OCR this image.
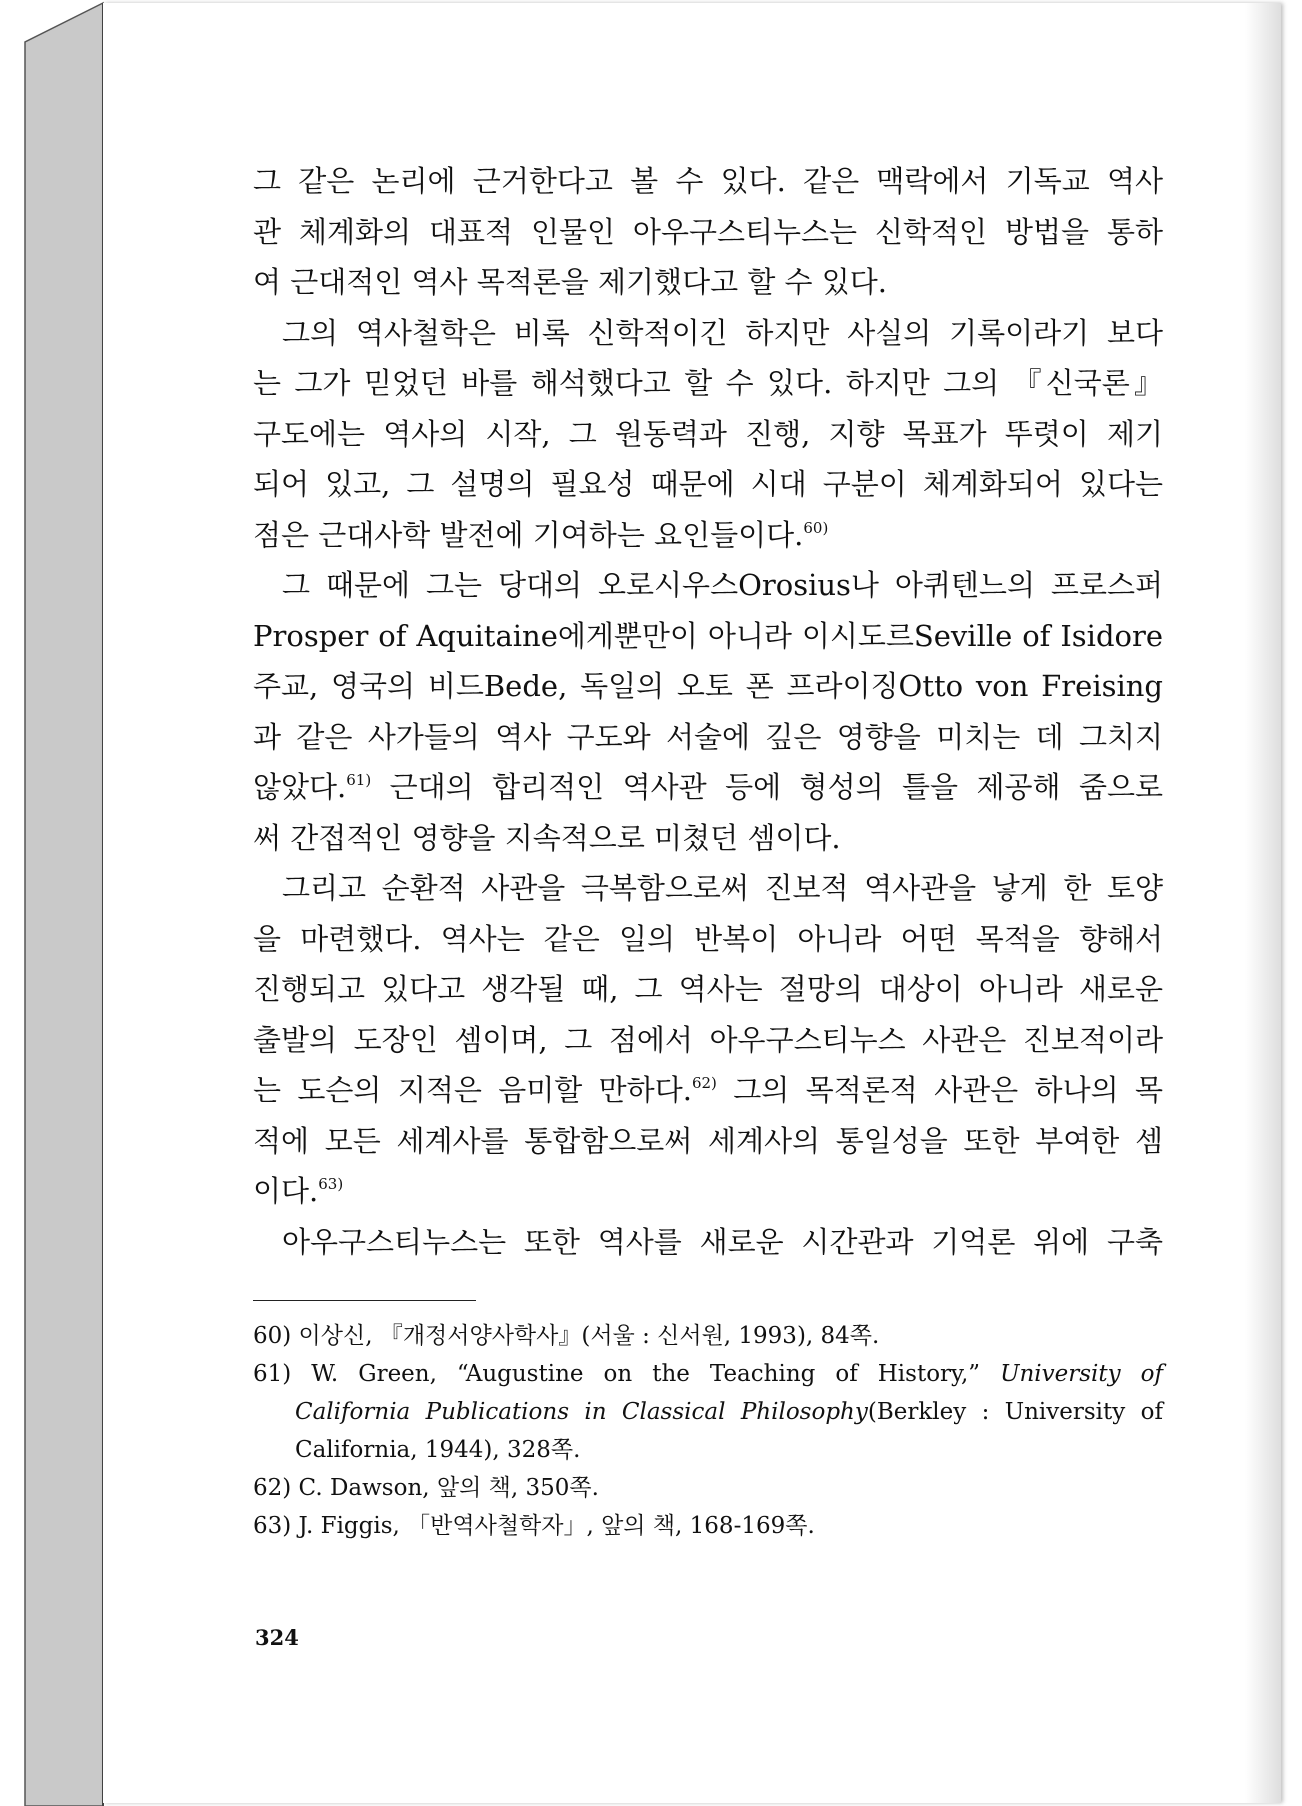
그 같은 논리에 근거한다고 볼 수 있다. 같은 맥락에서 기독교 역사
관 체계화의 대표적 인물인 아우구스티누스는 신학적인 방법을 통하
여 근대적인 역사 목적론을 제기했다고 할 수 있다.
그의 역사철학은 비록 신학적이긴 하지만 사실의 기록이라기 보다
는 그가 믿었던 바를 해석했다고 할 수 있다. 하지만 그의 『신국론』
구도에는 역사의 시작, 그 원동력과 진행, 지향 목표가 뚜렷이 제기
되어 있고, 그 설명의 필요성 때문에 시대 구분이 체계화되어 있다는
점은 근대사학 발전에 기여하는 요인들이다.$^{60)}$
그 때문에 그는 당대의 오로시우스Orosius나 아퀴텐느의 프로스퍼
Prosper of Aquitaine에게뿐만이 아니라 이시도르Seville of Isidore
주교, 영국의 비드Bede, 독일의 오토 폰 프라이징Otto von Freising
과 같은 사가들의 역사 구도와 서술에 깊은 영향을 미치는 데 그치지
않았다.$^{61)}$ 근대의 합리적인 역사관 등에 형성의 틀을 제공해 줌으로
써 간접적인 영향을 지속적으로 미쳤던 셈이다.
그리고 순환적 사관을 극복함으로써 진보적 역사관을 낳게 한 토양
을 마련했다. 역사는 같은 일의 반복이 아니라 어떤 목적을 향해서
진행되고 있다고 생각될 때, 그 역사는 절망의 대상이 아니라 새로운
출발의 도장인 셈이며, 그 점에서 아우구스티누스 사관은 진보적이라
는 도슨의 지적은 음미할 만하다.$^{62)}$ 그의 목적론적 사관은 하나의 목
적에 모든 세계사를 통합함으로써 세계사의 통일성을 또한 부여한 셈
이다.$^{63)}$
아우구스티누스는 또한 역사를 새로운 시간관과 기억론 위에 구축
60) 이상신, 『개정서양사학사』(서울 : 신서원, 1993), 84쪽.
61) W. Green, “Augustine on the Teaching of History,” University of
California Publications in Classical Philosophy(Berkley : University of
California, 1944), 328쪽.
62) C. Dawson, 앞의 책, 350쪽.
63) J. Figgis, 「반역사철학자」, 앞의 책, 168-169쪽.
324
